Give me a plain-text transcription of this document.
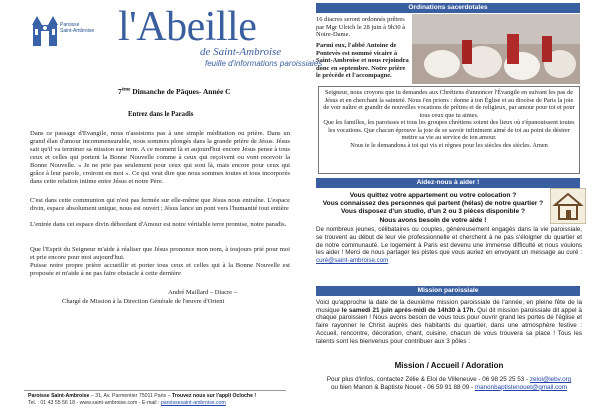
Paroisse
Saint-Ambroise l'Abeille
de Saint-Ambroise
feuille d'informations paroissiales
7ème Dimanche de Pâques- Année C
Entrez dans le Paradis
Dans ce passage d'Evangile, nous n'assistons pas à une simple méditation ou prière. Dans un grand élan d'amour incommensurable, nous sommes plongés dans la grande prière de Jésus. Jésus sait qu'il va terminer sa mission sur terre. A ce moment là et aujourd'hui encore Jésus pense à tous ceux et celles qui portent la Bonne Nouvelle comme à ceux qui reçoivent ou vont recevoir la Bonne Nouvelle. « Je ne prie pas seulement pour ceux qui sont là, mais encore pour ceux qui grâce à leur parole, croiront en moi ». Ce qui veut dire que nous sommes toutes et tous incorporés dans cette relation intime entre Jésus et notre Père.
C'est dans cette communion qui n'est pas fermée sur elle-même que Jésus nous entraîne. L'espace divin, espace absolument unique, nous est ouvert ; Jésus lance un pont vers l'humanité tout entière
L'entrée dans cet espace divin débordant d'Amour est notre véritable terre promise, notre paradis.
Que l'Esprit du Seigneur m'aide à réaliser que Jésus prononce mon nom, à toujours prié pour moi et prie encore pour moi aujourd'hui.
Puisse notre propre prière accueillir et porter tous ceux et celles qui à la Bonne Nouvelle est proposée et m'aide à ne pas faire obstacle à cette dernière
André Maillard – Diacre –
Chargé de Mission à la Direction Générale de l'œuvre d'Orient
Paroisse Saint-Ambroise – 31, Av. Parmentier 75011 Paris – Trouvez nous sur l'appli Ocloche !
Tel. : 01 43 55 56 18 - www.saint-ambroise.com - E-mail : paroissesaint-ambroise.com
Ordinations sacerdotales
16 diacres seront ordonnés prêtres par Mgr Ulrich le 28 juin à 9h30 à Notre-Dame.
Parmi eux, l'abbé Antoine de Pontevès est nommé vicaire à Saint-Ambroise et nous rejoindra donc en septembre. Notre prière le précède et l'accompagne.
Seigneur, nous croyons que tu demandes aux Chrétiens d'annoncer l'Évangile en suivant les pas de Jésus et en cherchant la sainteté. Nous t'en prions : donne à ton Église et au diocèse de Paris la joie de voir naître et grandir de nouvelles vocations de prêtres et de religieux, par amour pour toi et pour tous ceux que tu aimes.
Que les familles, les paroisses et tous les groupes chrétiens soient des lieux où s'épanouissent toutes les vocations. Que chacun éprouve la joie de se savoir infiniment aimé de toi au point de désirer mettre sa vie au service de ton amour.
Nous te le demandons à toi qui vis et règnes pour les siècles des siècles. Amen
Aidez-nous à aider !
Vous quittez votre appartement ou votre colocation ?
Vous connaissez des personnes qui partent (hélas) de notre quartier ?
Vous disposez d'un studio, d'un 2 ou 3 pièces disponible ?
Nous avons besoin de votre aide !
De nombreux jeunes, célibataires ou couples, généreusement engagés dans la vie paroissiale, se trouvent au début de leur vie professionnelle et cherchent à ne pas s'éloigner du quartier et de notre communauté. Le logement à Paris est devenu une immense difficulté et nous voulons les aider ! Merci de nous partager les pistes que vous auriez en envoyant un message au curé : curé@saint-ambroise.com
Mission paroissiale
Voici qu'approche la date de la deuxième mission paroissiale de l'année, en pleine fête de la musique le samedi 21 juin après-midi de 14h30 à 17h. Qui dit mission paroissiale dit appel à chaque paroissien ! Nous avons besoin de vous tous pour ouvrir grand les portes de l'église et faire rayonner le Christ auprès des habitants du quartier, dans une atmosphère festive : Accueil, rencontre, décoration, chant, cuisine, chacun de vous trouvera sa place ! Tous les talents sont les bienvenus pour contribuer aux 3 pôles :
Mission / Accueil / Adoration
Pour plus d'infos, contactez Zélie & Eloi de Villeneuve - 06 98 25 25 53 - zeloi@lebv.org
ou bien Manon & Baptiste Nouet - 06 59 91 88 09 - manonbaptistenouet@gmail.com
